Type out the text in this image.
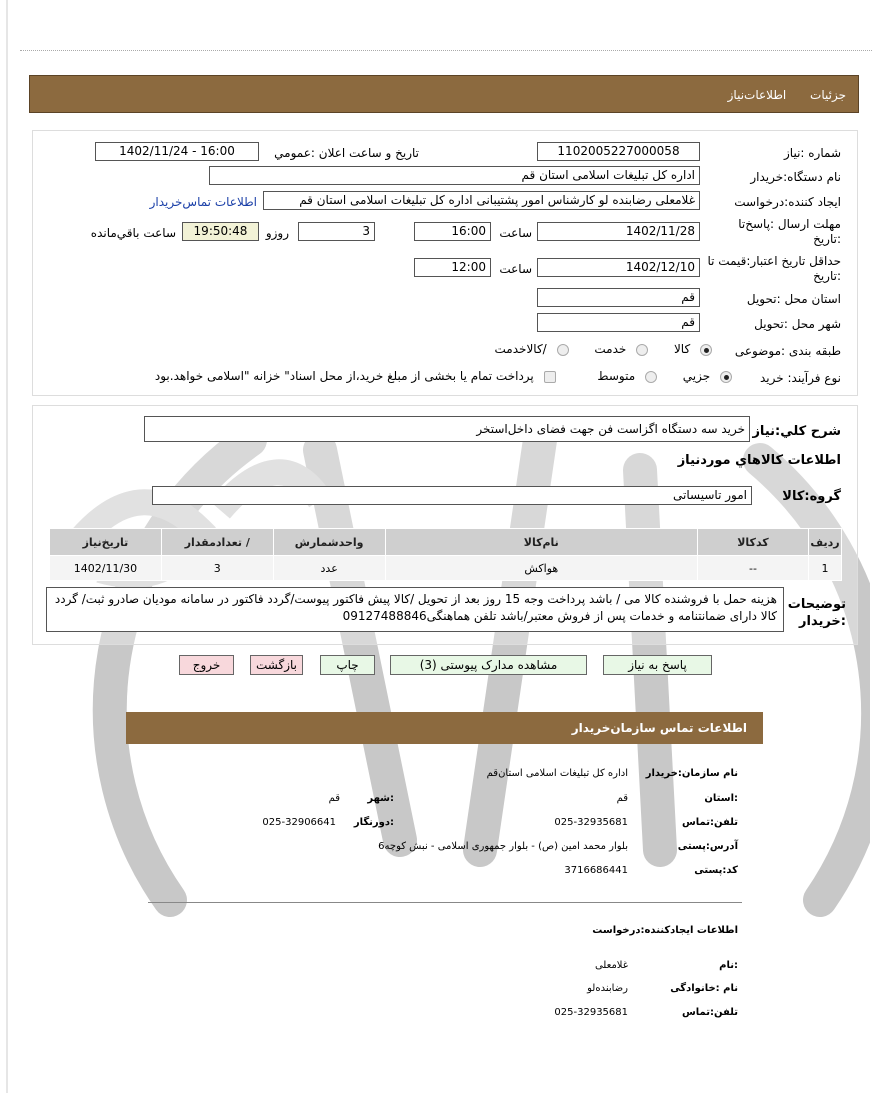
جزئیات اطلاعات‌نیاز
شماره :نیاز
1102005227000058
تاریخ و ساعت اعلان :عمومي
1402/11/24 - 16:00
نام دستگاه:خریدار
اداره کل تبلیغات اسلامی استان قم
ایجاد کننده:درخواست
غلامعلی رضابنده لو کارشناس امور پشتیبانی اداره کل تبلیغات اسلامی استان قم
اطلاعات تماس‌خریدار
مهلت ارسال :پاسخ‌تا :تاریخ
1402/11/28
ساعت
16:00
3
روزو
19:50:48
ساعت باقي‌مانده
حداقل تاریخ اعتبار:قیمت تا :تاریخ
1402/12/10
ساعت
12:00
استان محل :تحویل
قم
شهر محل :تحویل
قم
طبقه بندی :موضوعی
کالا  خدمت  /کالاخدمت
نوع فرآیند: خرید
جزيي  متوسط  پرداخت تمام یا بخشی از مبلغ خرید،از محل اسناد" خزانه "اسلامی خواهد.بود
شرح کلي:نیاز
خرید سه دستگاه اگزاست فن جهت فضای داخل‌استخر
اطلاعات کالاهاي موردنیاز
گروه:کالا
امور تاسیساتی
ردیف	کدکالا	نام‌کالا	واحدشمارش	/ تعدادمقدار	تاریخ‌نیاز
1	--	هواکش	عدد	3	1402/11/30
توضیحات
:خریدار
هزینه حمل با فروشنده کالا می / باشد پرداخت وجه 15 روز بعد از تحویل /کالا پیش فاکتور پیوست/گردد فاکتور در سامانه مودیان صادرو ثبت/ گردد کالا دارای ضمانتنامه و خدمات پس از فروش معتبر/باشد تلفن هماهنگی09127488846
پاسخ به نیاز
مشاهده مدارک پیوستی (3)
چاپ
بازگشت
خروج
اطلاعات تماس سازمان‌خریدار
نام سازمان:خریدار
اداره کل تبلیغات اسلامی استان‌قم
:استان
قم
:شهر
قم
تلفن:تماس
025-32935681
:دورنگار
025-32906641
آدرس:پستی
بلوار محمد امین (ص) - بلوار جمهوری اسلامی - نبش کوچه6
کد:پستی
3716686441
اطلاعات ایجادکننده:درخواست
:نام
غلامعلی
نام :خانوادگی
رضابنده‌لو
تلفن:تماس
025-32935681
